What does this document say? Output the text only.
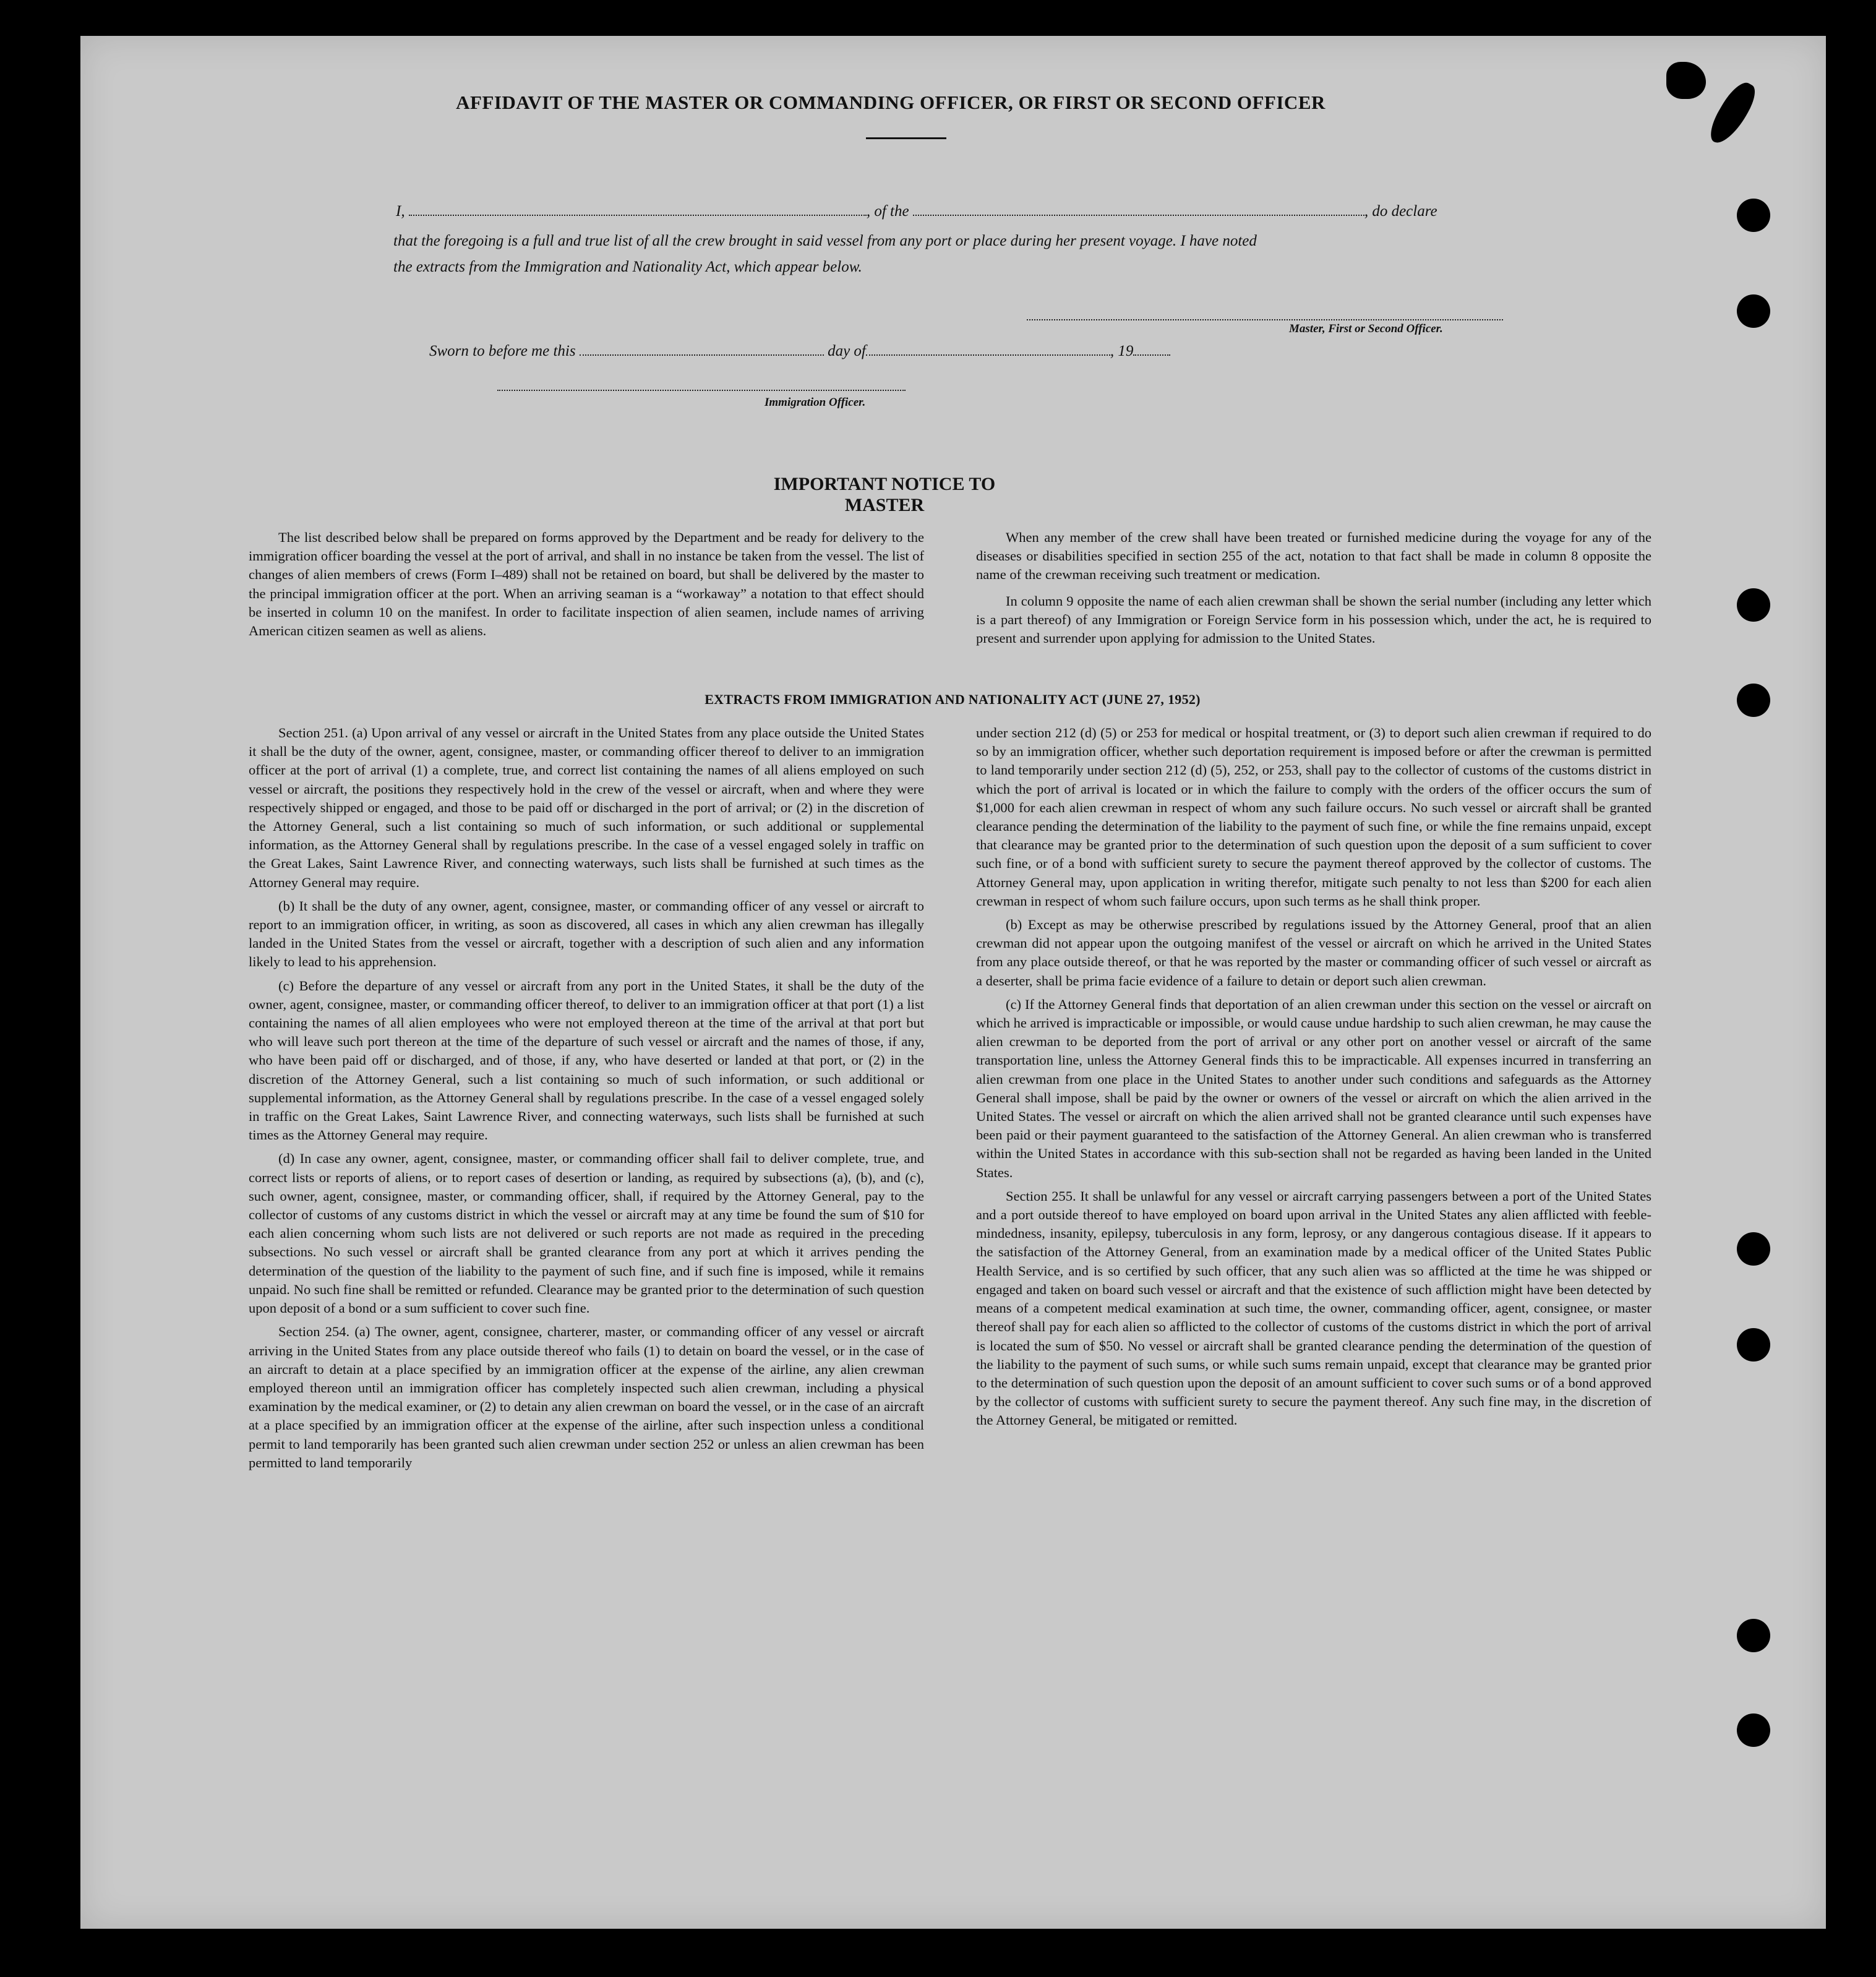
AFFIDAVIT OF THE MASTER OR COMMANDING OFFICER, OR FIRST OR SECOND OFFICER
I,	, of the	, do declare
that the foregoing is a full and true list of all the crew brought in said vessel from any port or place during her present voyage. I have noted
the extracts from the Immigration and Nationality Act, which appear below.
Master, First or Second Officer.
Sworn to before me this	day of	, 19
Immigration Officer.
IMPORTANT NOTICE TO MASTER

The list described below shall be prepared on forms approved by the Department and be ready for delivery to the immigration officer boarding the vessel at the port of arrival, and shall in no instance be taken from the vessel. The list of changes of alien members of crews (Form I–489) shall not be retained on board, but shall be delivered by the master to the principal immigration officer at the port. When an arriving seaman is a “workaway” a notation to that effect should be inserted in column 10 on the manifest. In order to facilitate inspection of alien seamen, include names of arriving American citizen seamen as well as aliens.

When any member of the crew shall have been treated or furnished medicine during the voyage for any of the diseases or disabilities specified in section 255 of the act, notation to that fact shall be made in column 8 opposite the name of the crewman receiving such treatment or medication.

In column 9 opposite the name of each alien crewman shall be shown the serial number (including any letter which is a part thereof) of any Immigration or Foreign Service form in his possession which, under the act, he is required to present and surrender upon applying for admission to the United States.

EXTRACTS FROM IMMIGRATION AND NATIONALITY ACT (JUNE 27, 1952)

Section 251. (a) Upon arrival of any vessel or aircraft in the United States from any place outside the United States it shall be the duty of the owner, agent, consignee, master, or commanding officer thereof to deliver to an immigration officer at the port of arrival (1) a complete, true, and correct list containing the names of all aliens employed on such vessel or aircraft, the positions they respectively hold in the crew of the vessel or aircraft, when and where they were respectively shipped or engaged, and those to be paid off or discharged in the port of arrival; or (2) in the discretion of the Attorney General, such a list containing so much of such information, or such additional or supplemental information, as the Attorney General shall by regulations prescribe. In the case of a vessel engaged solely in traffic on the Great Lakes, Saint Lawrence River, and connecting waterways, such lists shall be furnished at such times as the Attorney General may require.

(b) It shall be the duty of any owner, agent, consignee, master, or commanding officer of any vessel or aircraft to report to an immigration officer, in writing, as soon as discovered, all cases in which any alien crewman has illegally landed in the United States from the vessel or aircraft, together with a description of such alien and any information likely to lead to his apprehension.

(c) Before the departure of any vessel or aircraft from any port in the United States, it shall be the duty of the owner, agent, consignee, master, or commanding officer thereof, to deliver to an immigration officer at that port (1) a list containing the names of all alien employees who were not employed thereon at the time of the arrival at that port but who will leave such port thereon at the time of the departure of such vessel or aircraft and the names of those, if any, who have been paid off or discharged, and of those, if any, who have deserted or landed at that port, or (2) in the discretion of the Attorney General, such a list containing so much of such information, or such additional or supplemental information, as the Attorney General shall by regulations prescribe. In the case of a vessel engaged solely in traffic on the Great Lakes, Saint Lawrence River, and connecting waterways, such lists shall be furnished at such times as the Attorney General may require.

(d) In case any owner, agent, consignee, master, or commanding officer shall fail to deliver complete, true, and correct lists or reports of aliens, or to report cases of desertion or landing, as required by subsections (a), (b), and (c), such owner, agent, consignee, master, or commanding officer, shall, if required by the Attorney General, pay to the collector of customs of any customs district in which the vessel or aircraft may at any time be found the sum of $10 for each alien concerning whom such lists are not delivered or such reports are not made as required in the preceding subsections. No such vessel or aircraft shall be granted clearance from any port at which it arrives pending the determination of the question of the liability to the payment of such fine, and if such fine is imposed, while it remains unpaid. No such fine shall be remitted or refunded. Clearance may be granted prior to the determination of such question upon deposit of a bond or a sum sufficient to cover such fine.

Section 254. (a) The owner, agent, consignee, charterer, master, or commanding officer of any vessel or aircraft arriving in the United States from any place outside thereof who fails (1) to detain on board the vessel, or in the case of an aircraft to detain at a place specified by an immigration officer at the expense of the airline, any alien crewman employed thereon until an immigration officer has completely inspected such alien crewman, including a physical examination by the medical examiner, or (2) to detain any alien crewman on board the vessel, or in the case of an aircraft at a place specified by an immigration officer at the expense of the airline, after such inspection unless a conditional permit to land temporarily has been granted such alien crewman under section 252 or unless an alien crewman has been permitted to land temporarily

under section 212 (d) (5) or 253 for medical or hospital treatment, or (3) to deport such alien crewman if required to do so by an immigration officer, whether such deportation requirement is imposed before or after the crewman is permitted to land temporarily under section 212 (d) (5), 252, or 253, shall pay to the collector of customs of the customs district in which the port of arrival is located or in which the failure to comply with the orders of the officer occurs the sum of $1,000 for each alien crewman in respect of whom any such failure occurs. No such vessel or aircraft shall be granted clearance pending the determination of the liability to the payment of such fine, or while the fine remains unpaid, except that clearance may be granted prior to the determination of such question upon the deposit of a sum sufficient to cover such fine, or of a bond with sufficient surety to secure the payment thereof approved by the collector of customs. The Attorney General may, upon application in writing therefor, mitigate such penalty to not less than $200 for each alien crewman in respect of whom such failure occurs, upon such terms as he shall think proper.

(b) Except as may be otherwise prescribed by regulations issued by the Attorney General, proof that an alien crewman did not appear upon the outgoing manifest of the vessel or aircraft on which he arrived in the United States from any place outside thereof, or that he was reported by the master or commanding officer of such vessel or aircraft as a deserter, shall be prima facie evidence of a failure to detain or deport such alien crewman.

(c) If the Attorney General finds that deportation of an alien crewman under this section on the vessel or aircraft on which he arrived is impracticable or impossible, or would cause undue hardship to such alien crewman, he may cause the alien crewman to be deported from the port of arrival or any other port on another vessel or aircraft of the same transportation line, unless the Attorney General finds this to be impracticable. All expenses incurred in transferring an alien crewman from one place in the United States to another under such conditions and safeguards as the Attorney General shall impose, shall be paid by the owner or owners of the vessel or aircraft on which the alien arrived in the United States. The vessel or aircraft on which the alien arrived shall not be granted clearance until such expenses have been paid or their payment guaranteed to the satisfaction of the Attorney General. An alien crewman who is transferred within the United States in accordance with this sub-section shall not be regarded as having been landed in the United States.

Section 255. It shall be unlawful for any vessel or aircraft carrying passengers between a port of the United States and a port outside thereof to have employed on board upon arrival in the United States any alien afflicted with feeble-mindedness, insanity, epilepsy, tuberculosis in any form, leprosy, or any dangerous contagious disease. If it appears to the satisfaction of the Attorney General, from an examination made by a medical officer of the United States Public Health Service, and is so certified by such officer, that any such alien was so afflicted at the time he was shipped or engaged and taken on board such vessel or aircraft and that the existence of such affliction might have been detected by means of a competent medical examination at such time, the owner, commanding officer, agent, consignee, or master thereof shall pay for each alien so afflicted to the collector of customs of the customs district in which the port of arrival is located the sum of $50. No vessel or aircraft shall be granted clearance pending the determination of the question of the liability to the payment of such sums, or while such sums remain unpaid, except that clearance may be granted prior to the determination of such question upon the deposit of an amount sufficient to cover such sums or of a bond approved by the collector of customs with sufficient surety to secure the payment thereof. Any such fine may, in the discretion of the Attorney General, be mitigated or remitted.
